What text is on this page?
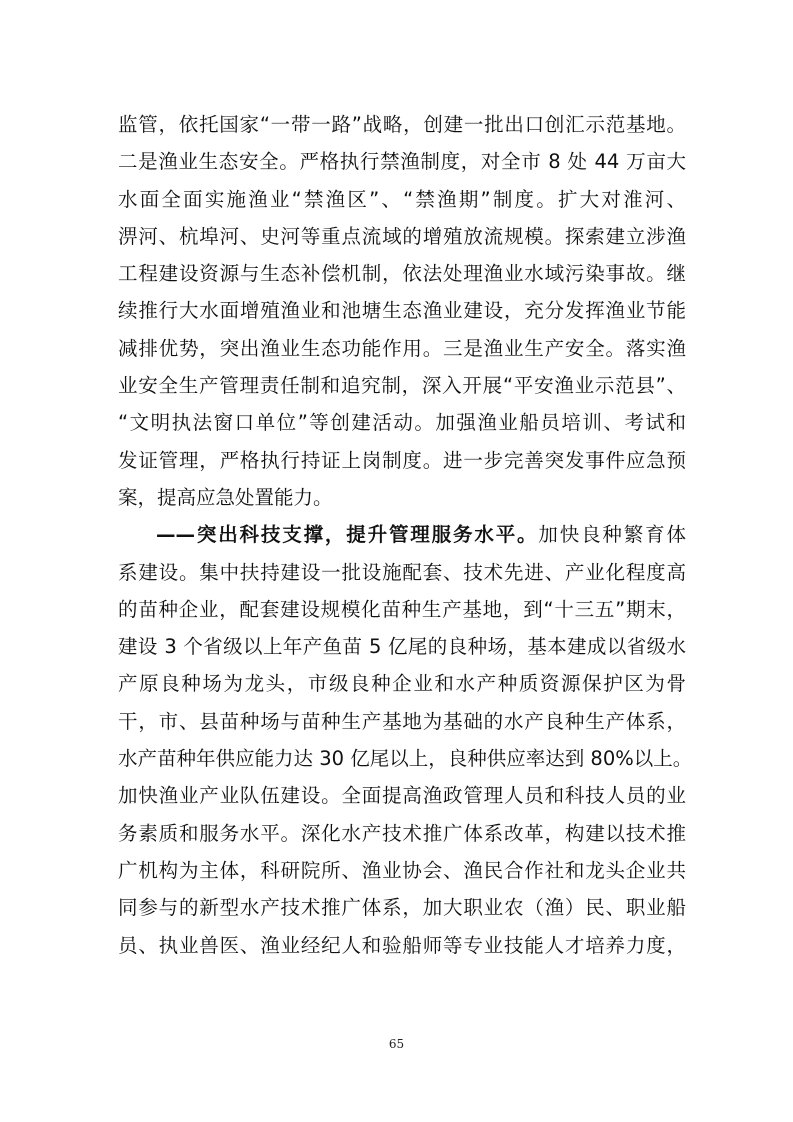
监管，依托国家“一带一路”战略，创建一批出口创汇示范基地。
二是渔业生态安全。严格执行禁渔制度，对全市 8 处 44 万亩大
水面全面实施渔业“禁渔区”、“禁渔期”制度。扩大对淮河、
淠河、杭埠河、史河等重点流域的增殖放流规模。探索建立涉渔
工程建设资源与生态补偿机制，依法处理渔业水域污染事故。继
续推行大水面增殖渔业和池塘生态渔业建设，充分发挥渔业节能
减排优势，突出渔业生态功能作用。三是渔业生产安全。落实渔
业安全生产管理责任制和追究制，深入开展“平安渔业示范县”、
“文明执法窗口单位”等创建活动。加强渔业船员培训、考试和
发证管理，严格执行持证上岗制度。进一步完善突发事件应急预
案，提高应急处置能力。
——突出科技支撑，提升管理服务水平。加快良种繁育体
系建设。集中扶持建设一批设施配套、技术先进、产业化程度高
的苗种企业，配套建设规模化苗种生产基地，到“十三五”期末，
建设 3 个省级以上年产鱼苗 5 亿尾的良种场，基本建成以省级水
产原良种场为龙头，市级良种企业和水产种质资源保护区为骨
干，市、县苗种场与苗种生产基地为基础的水产良种生产体系，
水产苗种年供应能力达 30 亿尾以上，良种供应率达到 80%以上。
加快渔业产业队伍建设。全面提高渔政管理人员和科技人员的业
务素质和服务水平。深化水产技术推广体系改革，构建以技术推
广机构为主体，科研院所、渔业协会、渔民合作社和龙头企业共
同参与的新型水产技术推广体系，加大职业农（渔）民、职业船
员、执业兽医、渔业经纪人和验船师等专业技能人才培养力度，
65
